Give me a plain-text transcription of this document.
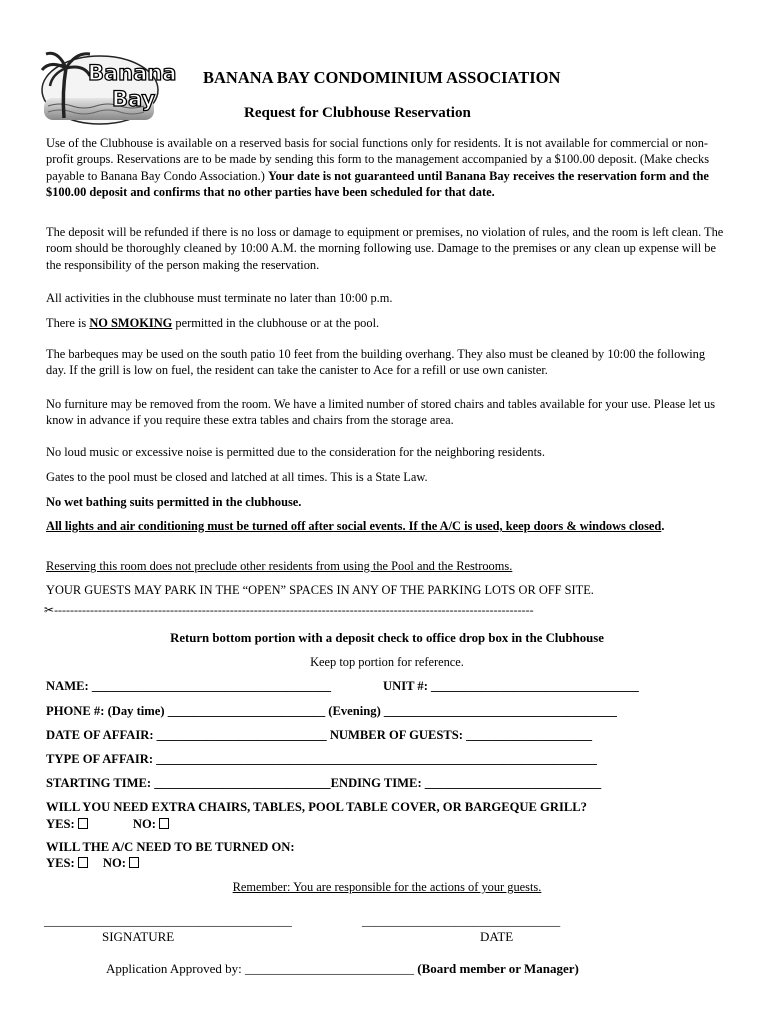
Banana
Bay
BANANA BAY CONDOMINIUM ASSOCIATION
Request for Clubhouse Reservation
Use of the Clubhouse is available on a reserved basis for social functions only for residents. It is not available for commercial or non-profit groups. Reservations are to be made by sending this form to the management accompanied by a $100.00 deposit. (Make checks payable to Banana Bay Condo Association.) Your date is not guaranteed until Banana Bay receives the reservation form and the $100.00 deposit and confirms that no other parties have been scheduled for that date.
The deposit will be refunded if there is no loss or damage to equipment or premises, no violation of rules, and the room is left clean. The room should be thoroughly cleaned by 10:00 A.M. the morning following use. Damage to the premises or any clean up expense will be the responsibility of the person making the reservation.
All activities in the clubhouse must terminate no later than 10:00 p.m.
There is NO SMOKING permitted in the clubhouse or at the pool.
The barbeques may be used on the south patio 10 feet from the building overhang. They also must be cleaned by 10:00 the following day. If the grill is low on fuel, the resident can take the canister to Ace for a refill or use own canister.
No furniture may be removed from the room. We have a limited number of stored chairs and tables available for your use. Please let us know in advance if you require these extra tables and chairs from the storage area.
No loud music or excessive noise is permitted due to the consideration for the neighboring residents.
Gates to the pool must be closed and latched at all times. This is a State Law.
No wet bathing suits permitted in the clubhouse.
All lights and air conditioning must be turned off after social events. If the A/C is used, keep doors & windows closed.
Reserving this room does not preclude other residents from using the Pool and the Restrooms.
YOUR GUESTS MAY PARK IN THE “OPEN” SPACES IN ANY OF THE PARKING LOTS OR OFF SITE.
✂------------------------------------------------------------------------------------------------------------------------
Return bottom portion with a deposit check to office drop box in the Clubhouse
Keep top portion for reference.
NAME: ______________________________________	UNIT #: _________________________________
PHONE #: (Day time) _________________________ (Evening) _____________________________________
DATE OF AFFAIR: ___________________________ NUMBER OF GUESTS: ____________________
TYPE OF AFFAIR: ______________________________________________________________________
STARTING TIME: ____________________________ENDING TIME: ____________________________
WILL YOU NEED EXTRA CHAIRS, TABLES, POOL TABLE COVER, OR BARGEQUE GRILL?
YES:	NO:
WILL THE A/C NEED TO BE TURNED ON:
YES: NO:
Remember: You are responsible for the actions of your guests.
________________________________________	________________________________
SIGNATURE	DATE
Application Approved by: __________________________ (Board member or Manager)
